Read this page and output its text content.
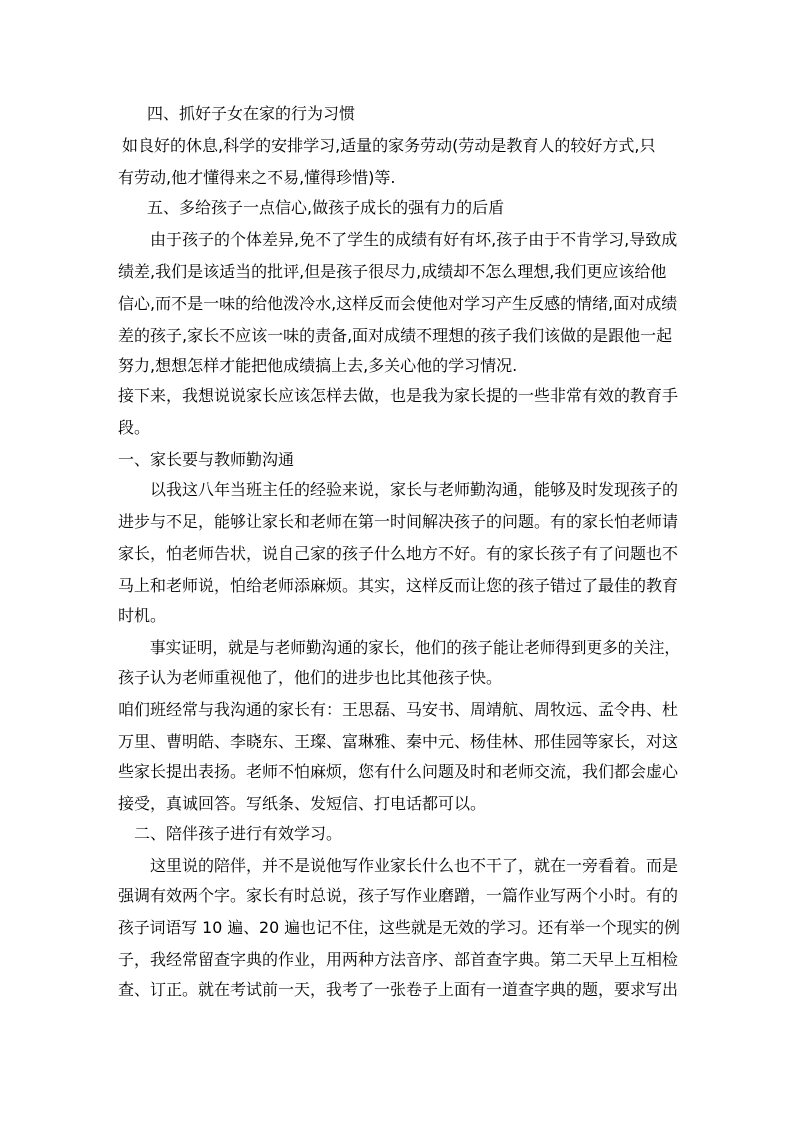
四、抓好子女在家的行为习惯
如良好的休息,科学的安排学习,适量的家务劳动(劳动是教育人的较好方式,只
有劳动,他才懂得来之不易,懂得珍惜)等.
五、多给孩子一点信心,做孩子成长的强有力的后盾
由于孩子的个体差异,免不了学生的成绩有好有坏,孩子由于不肯学习,导致成
绩差,我们是该适当的批评,但是孩子很尽力,成绩却不怎么理想,我们更应该给他
信心,而不是一味的给他泼冷水,这样反而会使他对学习产生反感的情绪,面对成绩
差的孩子,家长不应该一味的责备,面对成绩不理想的孩子我们该做的是跟他一起
努力,想想怎样才能把他成绩搞上去,多关心他的学习情况.
接下来，我想说说家长应该怎样去做，也是我为家长提的一些非常有效的教育手
段。
一、家长要与教师勤沟通
以我这八年当班主任的经验来说，家长与老师勤沟通，能够及时发现孩子的
进步与不足，能够让家长和老师在第一时间解决孩子的问题。有的家长怕老师请
家长，怕老师告状，说自己家的孩子什么地方不好。有的家长孩子有了问题也不
马上和老师说，怕给老师添麻烦。其实，这样反而让您的孩子错过了最佳的教育
时机。
事实证明，就是与老师勤沟通的家长，他们的孩子能让老师得到更多的关注，
孩子认为老师重视他了，他们的进步也比其他孩子快。
咱们班经常与我沟通的家长有：王思磊、马安书、周靖航、周牧远、孟令冉、杜
万里、曹明皓、李晓东、王璨、富琳雅、秦中元、杨佳林、邢佳园等家长，对这
些家长提出表扬。老师不怕麻烦，您有什么问题及时和老师交流，我们都会虚心
接受，真诚回答。写纸条、发短信、打电话都可以。
二、陪伴孩子进行有效学习。
这里说的陪伴，并不是说他写作业家长什么也不干了，就在一旁看着。而是
强调有效两个字。家长有时总说，孩子写作业磨蹭，一篇作业写两个小时。有的
孩子词语写 10 遍、20 遍也记不住，这些就是无效的学习。还有举一个现实的例
子，我经常留查字典的作业，用两种方法音序、部首查字典。第二天早上互相检
查、订正。就在考试前一天，我考了一张卷子上面有一道查字典的题，要求写出
